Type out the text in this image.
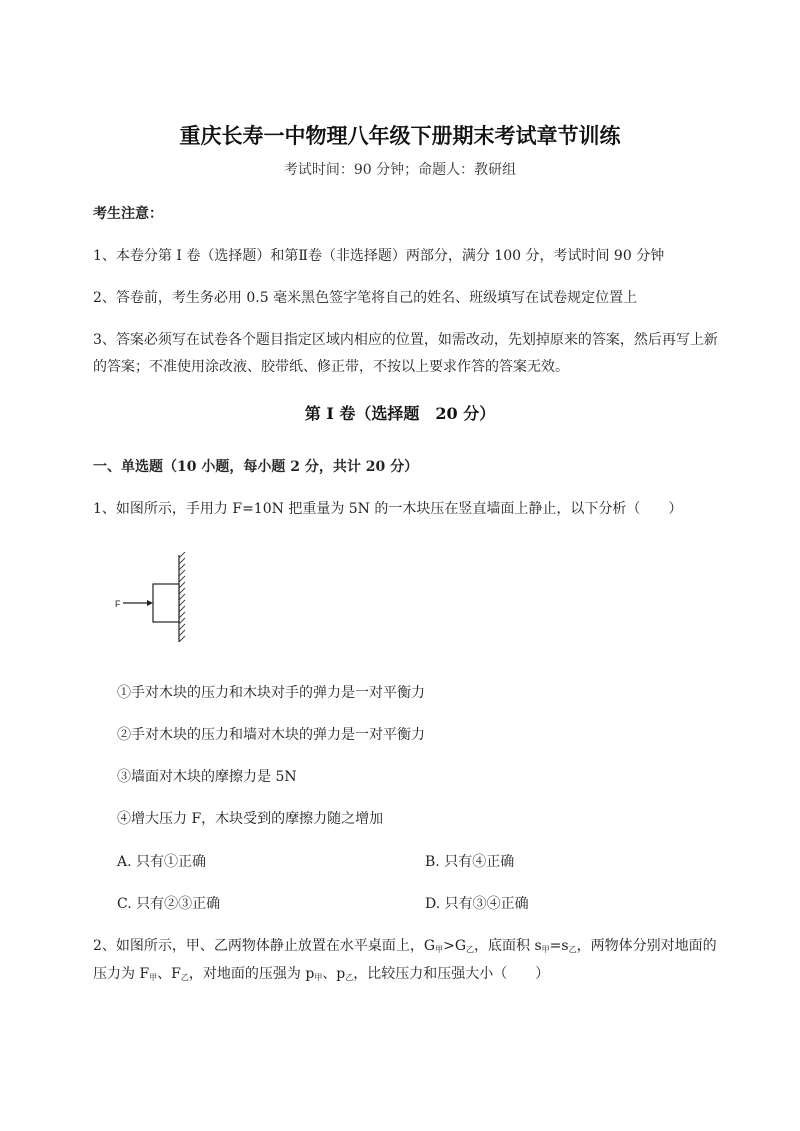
重庆长寿一中物理八年级下册期末考试章节训练
考试时间：90 分钟；命题人：教研组
考生注意：
1、本卷分第 I 卷（选择题）和第Ⅱ卷（非选择题）两部分，满分 100 分，考试时间 90 分钟
2、答卷前，考生务必用 0.5 毫米黑色签字笔将自己的姓名、班级填写在试卷规定位置上
3、答案必须写在试卷各个题目指定区域内相应的位置，如需改动，先划掉原来的答案，然后再写上新
的答案；不准使用涂改液、胶带纸、修正带，不按以上要求作答的答案无效。
第 I 卷（选择题　20 分）
一、单选题（10 小题，每小题 2 分，共计 20 分）
1、如图所示，手用力 F=10N 把重量为 5N 的一木块压在竖直墙面上静止，以下分析（　　）
F
①手对木块的压力和木块对手的弹力是一对平衡力
②手对木块的压力和墙对木块的弹力是一对平衡力
③墙面对木块的摩擦力是 5N
④增大压力 F，木块受到的摩擦力随之增加
A. 只有①正确	B. 只有④正确
C. 只有②③正确	D. 只有③④正确
2、如图所示，甲、乙两物体静止放置在水平桌面上，$G_甲>G_乙$，底面积 $s_甲=s_乙$，两物体分别对地面的
压力为 $F_甲$、$F_乙$，对地面的压强为 $p_甲$、$p_乙$，比较压力和压强大小（　　）
